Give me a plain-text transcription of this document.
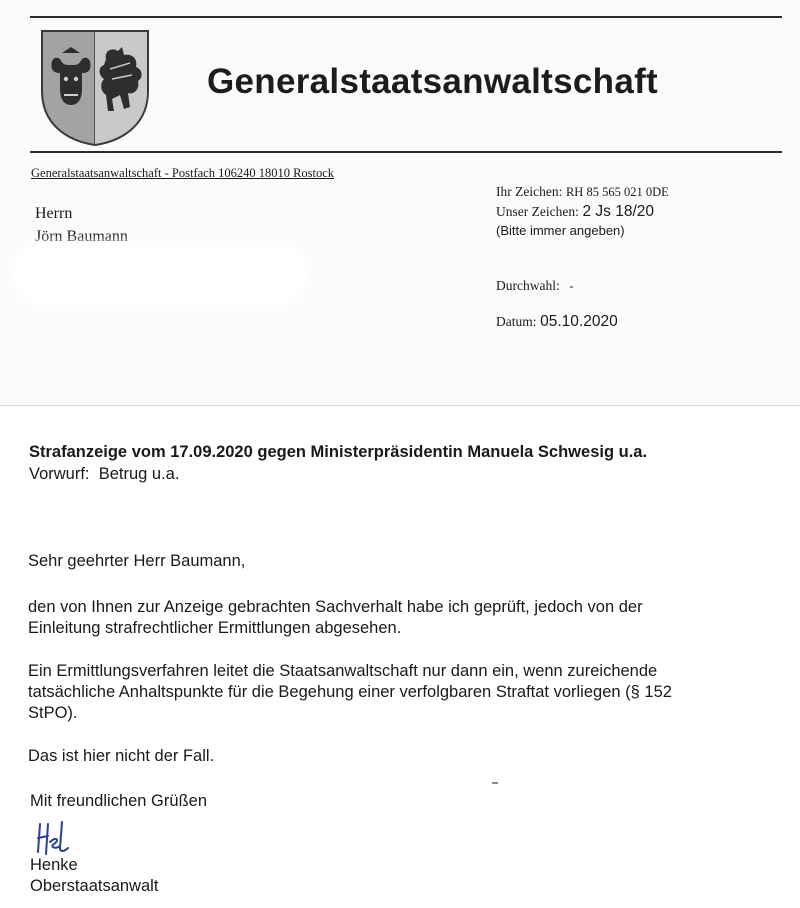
Generalstaatsanwaltschaft
Generalstaatsanwaltschaft - Postfach 106240 18010 Rostock
Herrn
Jörn Baumann
Ihr Zeichen: RH 85 565 021 0DE
Unser Zeichen: 2 Js 18/20
(Bitte immer angeben)
Durchwahl: -
Datum: 05.10.2020
Strafanzeige vom 17.09.2020 gegen Ministerpräsidentin Manuela Schwesig u.a.
Vorwurf: Betrug u.a.
Sehr geehrter Herr Baumann,
den von Ihnen zur Anzeige gebrachten Sachverhalt habe ich geprüft, jedoch von der
Einleitung strafrechtlicher Ermittlungen abgesehen.
Ein Ermittlungsverfahren leitet die Staatsanwaltschaft nur dann ein, wenn zureichende
tatsächliche Anhaltspunkte für die Begehung einer verfolgbaren Straftat vorliegen (§ 152
StPO).
Das ist hier nicht der Fall.
Mit freundlichen Grüßen
Henke
Oberstaatsanwalt
